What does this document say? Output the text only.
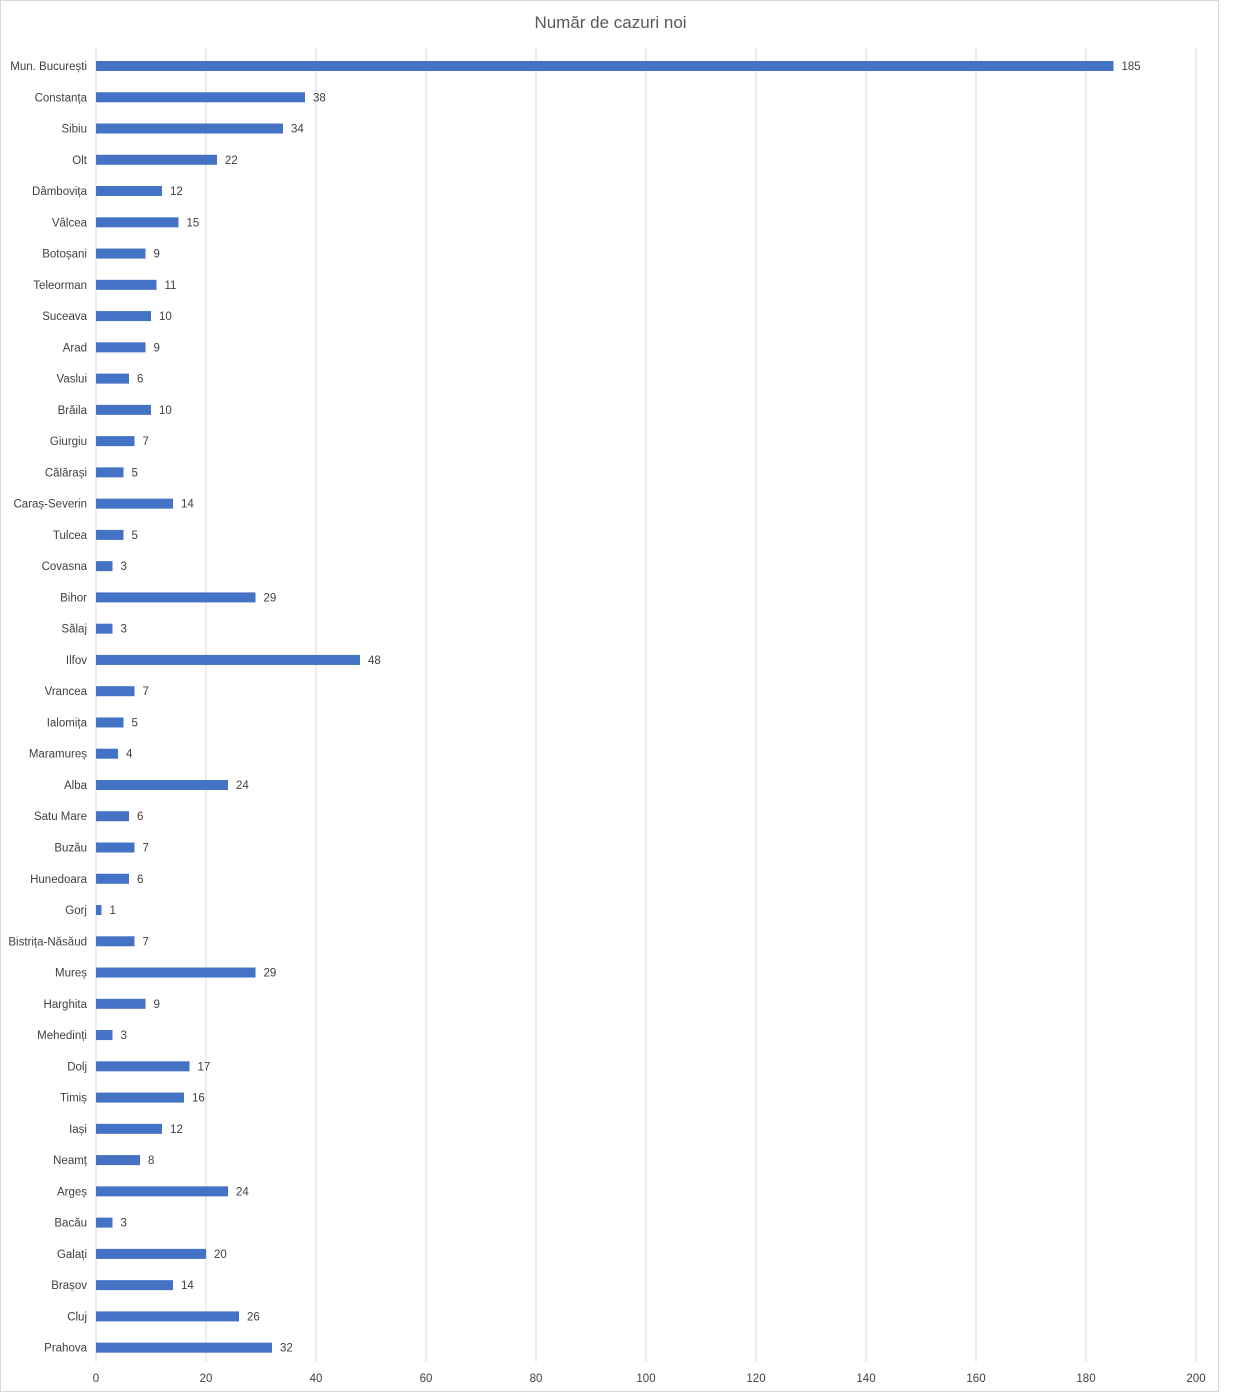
Număr de cazuri noi
Mun. București
Constanța
Sibiu
Olt
Dâmbovița
Vâlcea
Botoșani
Teleorman
Suceava
Arad
Vaslui
Brăila
Giurgiu
Călărași
Caraș-Severin
Tulcea
Covasna
Bihor
Sălaj
Ilfov
Vrancea
Ialomița
Maramureș
Alba
Satu Mare
Buzău
Hunedoara
Gorj
Bistrița-Năsăud
Mureș
Harghita
Mehedinți
Dolj
Timiș
Iași
Neamț
Argeș
Bacău
Galați
Brașov
Cluj
Prahova
185
38
34
22
12
15
9
11
10
9
6
10
7
5
14
5
3
29
3
48
7
5
4
24
6
7
6
1
7
29
9
3
17
16
12
8
24
3
20
14
26
32
0	20	40	60	80	100	120	140	160	180	200
